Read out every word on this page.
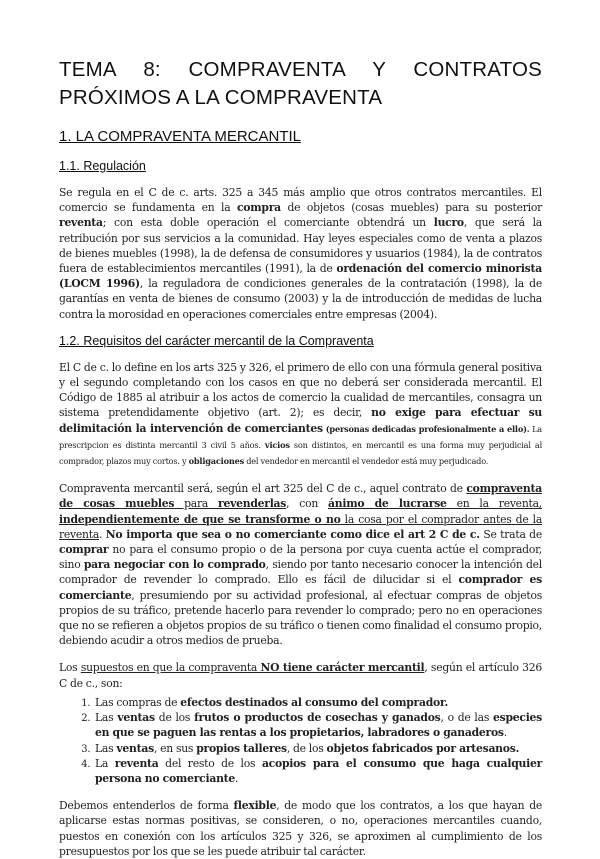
TEMA 8: COMPRAVENTA Y CONTRATOS PRÓXIMOS A LA COMPRAVENTA
1. LA COMPRAVENTA MERCANTIL
1.1. Regulación

Se regula en el C de c. arts. 325 a 345 más amplio que otros contratos mercantiles. El comercio se fundamenta en la compra de objetos (cosas muebles) para su posterior reventa; con esta doble operación el comerciante obtendrá un lucro, que será la retribución por sus servicios a la comunidad. Hay leyes especiales como de venta a plazos de bienes muebles (1998), la de defensa de consumidores y usuarios (1984), la de contratos fuera de establecimientos mercantiles (1991), la de ordenación del comercio minorista (LOCM 1996), la reguladora de condiciones generales de la contratación (1998), la de garantías en venta de bienes de consumo (2003) y la de introducción de medidas de lucha contra la morosidad en operaciones comerciales entre empresas (2004).

1.2. Requisitos del carácter mercantil de la Compraventa

El C de c. lo define en los arts 325 y 326, el primero de ello con una fórmula general positiva y el segundo completando con los casos en que no deberá ser considerada mercantil. El Código de 1885 al atribuir a los actos de comercio la cualidad de mercantiles, consagra un sistema pretendidamente objetivo (art. 2); es decir, no exige para efectuar su delimitación la intervención de comerciantes (personas dedicadas profesionalmente a ello). La prescripcion es distinta mercantil 3 civil 5 años. vicios son distintos, en mercantil es una forma muy perjudicial al comprador, plazos muy cortos. y obligaciones del vendedor en mercantil el vendedor está muy perjudicado.

Compraventa mercantil será, según el art 325 del C de c., aquel contrato de compraventa de cosas muebles para revenderlas, con ánimo de lucrarse en la reventa, independientemente de que se transforme o no la cosa por el comprador antes de la reventa. No importa que sea o no comerciante como dice el art 2 C de c. Se trata de comprar no para el consumo propio o de la persona por cuya cuenta actúe el comprador, sino para negociar con lo comprado, siendo por tanto necesario conocer la intención del comprador de revender lo comprado. Ello es fácil de dilucidar si el comprador es comerciante, presumiendo por su actividad profesional, al efectuar compras de objetos propios de su tráfico, pretende hacerlo para revender lo comprado; pero no en operaciones que no se refieren a objetos propios de su tráfico o tienen como finalidad el consumo propio, debiendo acudir a otros medios de prueba.

Los supuestos en que la compraventa NO tiene carácter mercantil, según el artículo 326 C de c., son:

1. Las compras de efectos destinados al consumo del comprador.
2. Las ventas de los frutos o productos de cosechas y ganados, o de las especies en que se paguen las rentas a los propietarios, labradores o ganaderos.
3. Las ventas, en sus propios talleres, de los objetos fabricados por artesanos.
4. La reventa del resto de los acopios para el consumo que haga cualquier persona no comerciante.

Debemos entenderlos de forma flexible, de modo que los contratos, a los que hayan de aplicarse estas normas positivas, se consideren, o no, operaciones mercantiles cuando, puestos en conexión con los artículos 325 y 326, se aproximen al cumplimiento de los presupuestos por los que se les puede atribuir tal carácter.
